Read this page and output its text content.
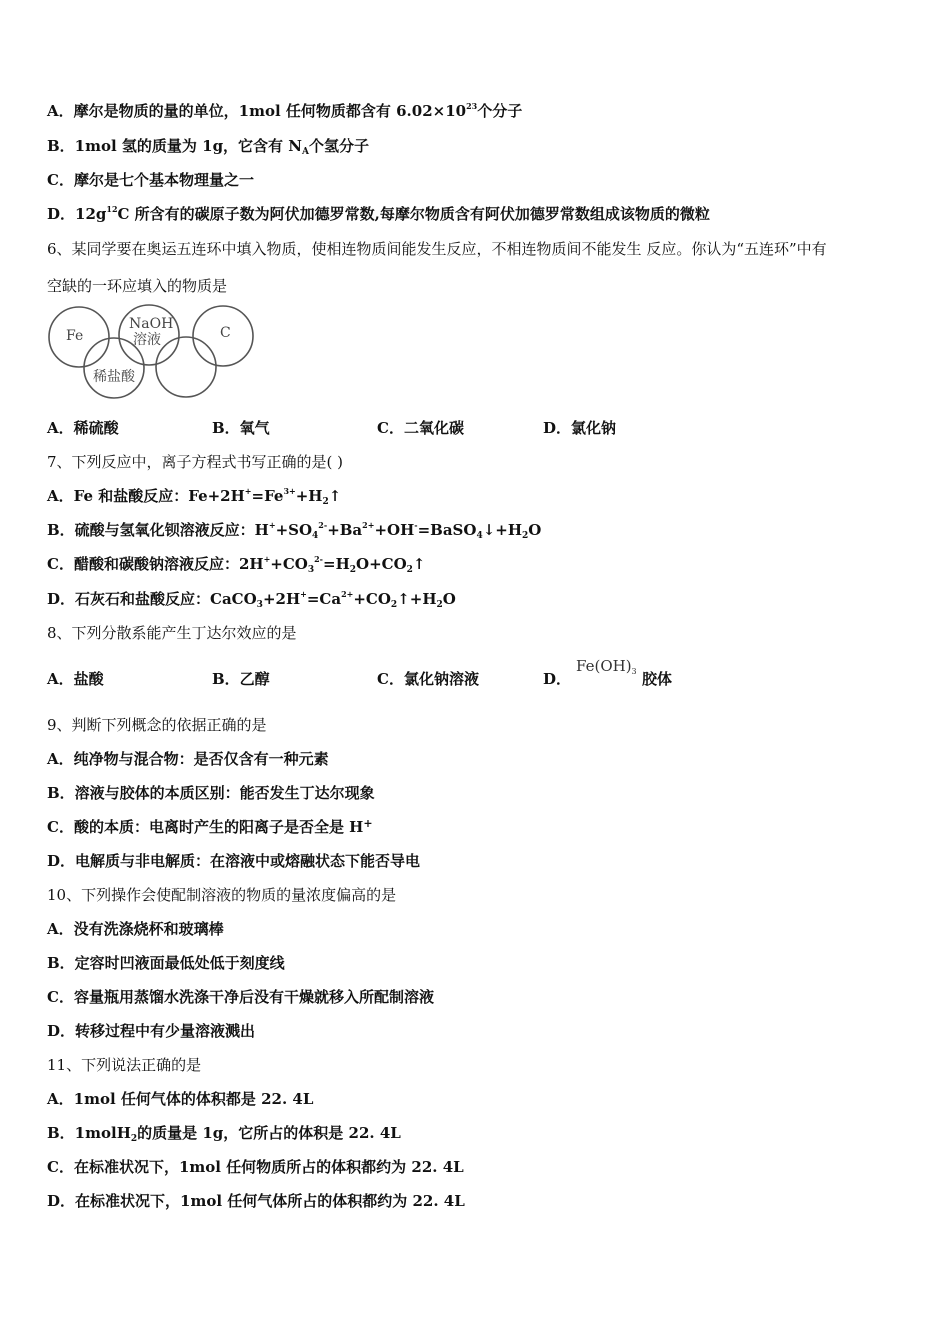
A．摩尔是物质的量的单位，1mol 任何物质都含有 $6.02\times 10^{23}$个分子
B．1mol 氢的质量为 1g，它含有 $N_A$个氢分子
C．摩尔是七个基本物理量之一
D．$12g^{12}C$ 所含有的碳原子数为阿伏加德罗常数,每摩尔物质含有阿伏加德罗常数组成该物质的微粒
6、某同学要在奥运五连环中填入物质，使相连物质间能发生反应，不相连物质间不能发生 反应。你认为“五连环”中有
空缺的一环应填入的物质是
Fe
NaOH
溶液	C
稀盐酸
A．稀硫酸	B．氧气	C．二氧化碳	D．氯化钠
7、下列反应中，离子方程式书写正确的是( )
A．Fe 和盐酸反应：$Fe+2H^+=Fe^{3+}+H_2↑$
B．硫酸与氢氧化钡溶液反应：$H^++SO_4^{2-}+Ba^{2+}+OH^-=BaSO_4↓+H_2O$
C．醋酸和碳酸钠溶液反应：$2H^++CO_3^{2-}=H_2O+CO_2↑$
D．石灰石和盐酸反应：$CaCO_3+2H^+=Ca^{2+}+CO_2↑+H_2O$
8、下列分散系能产生丁达尔效应的是
A．盐酸	B．乙醇	C．氯化钠溶液	D．
$Fe(OH)_3$ 胶体
9、判断下列概念的依据正确的是
A．纯净物与混合物：是否仅含有一种元素
B．溶液与胶体的本质区别：能否发生丁达尔现象
C．酸的本质：电离时产生的阳离子是否全是 H+
D．电解质与非电解质：在溶液中或熔融状态下能否导电
10、下列操作会使配制溶液的物质的量浓度偏高的是
A．没有洗涤烧杯和玻璃棒
B．定容时凹液面最低处低于刻度线
C．容量瓶用蒸馏水洗涤干净后没有干燥就移入所配制溶液
D．转移过程中有少量溶液溅出
11、下列说法正确的是
A．1mol 任何气体的体积都是 22. 4L
B．1molH$_2$的质量是 1g，它所占的体积是 22. 4L
C．在标准状况下，1mol 任何物质所占的体积都约为 22. 4L
D．在标准状况下，1mol 任何气体所占的体积都约为 22. 4L
